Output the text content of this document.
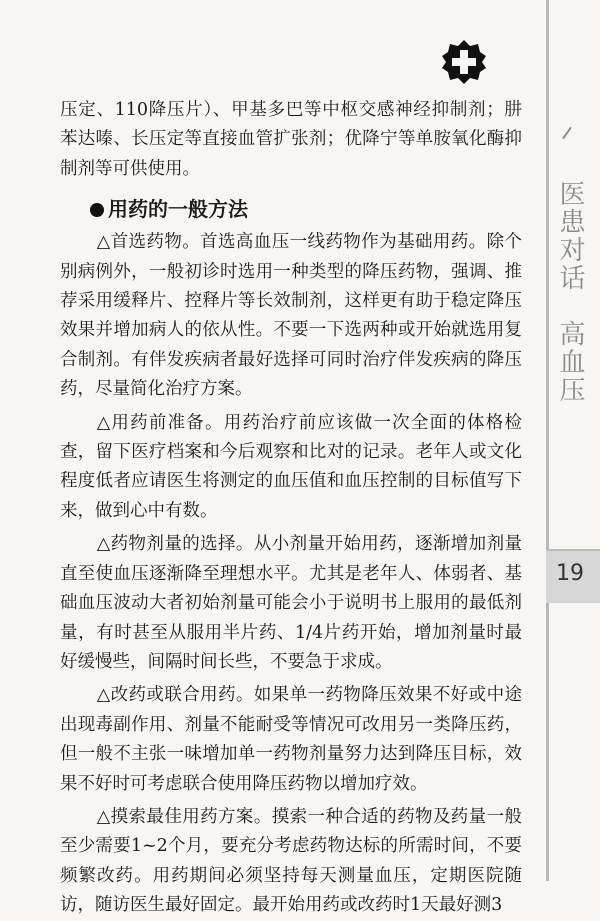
医患对话高血压
19

压定、110降压片）、甲基多巴等中枢交感神经抑制剂；肼苯达嗪、长压定等直接血管扩张剂；优降宁等单胺氧化酶抑制剂等可供使用。

用药的一般方法

△首选药物。首选高血压一线药物作为基础用药。除个别病例外，一般初诊时选用一种类型的降压药物，强调、推荐采用缓释片、控释片等长效制剂，这样更有助于稳定降压效果并增加病人的依从性。不要一下选两种或开始就选用复合制剂。有伴发疾病者最好选择可同时治疗伴发疾病的降压药，尽量简化治疗方案。

△用药前准备。用药治疗前应该做一次全面的体格检查，留下医疗档案和今后观察和比对的记录。老年人或文化程度低者应请医生将测定的血压值和血压控制的目标值写下来，做到心中有数。

△药物剂量的选择。从小剂量开始用药，逐渐增加剂量直至使血压逐渐降至理想水平。尤其是老年人、体弱者、基础血压波动大者初始剂量可能会小于说明书上服用的最低剂量，有时甚至从服用半片药、1/4片药开始，增加剂量时最好缓慢些，间隔时间长些，不要急于求成。

△改药或联合用药。如果单一药物降压效果不好或中途出现毒副作用、剂量不能耐受等情况可改用另一类降压药，但一般不主张一味增加单一药物剂量努力达到降压目标，效果不好时可考虑联合使用降压药物以增加疗效。

△摸索最佳用药方案。摸索一种合适的药物及药量一般至少需要1~2个月，要充分考虑药物达标的所需时间，不要频繁改药。用药期间必须坚持每天测量血压，定期医院随访，随访医生最好固定。最开始用药或改药时1天最好测3
